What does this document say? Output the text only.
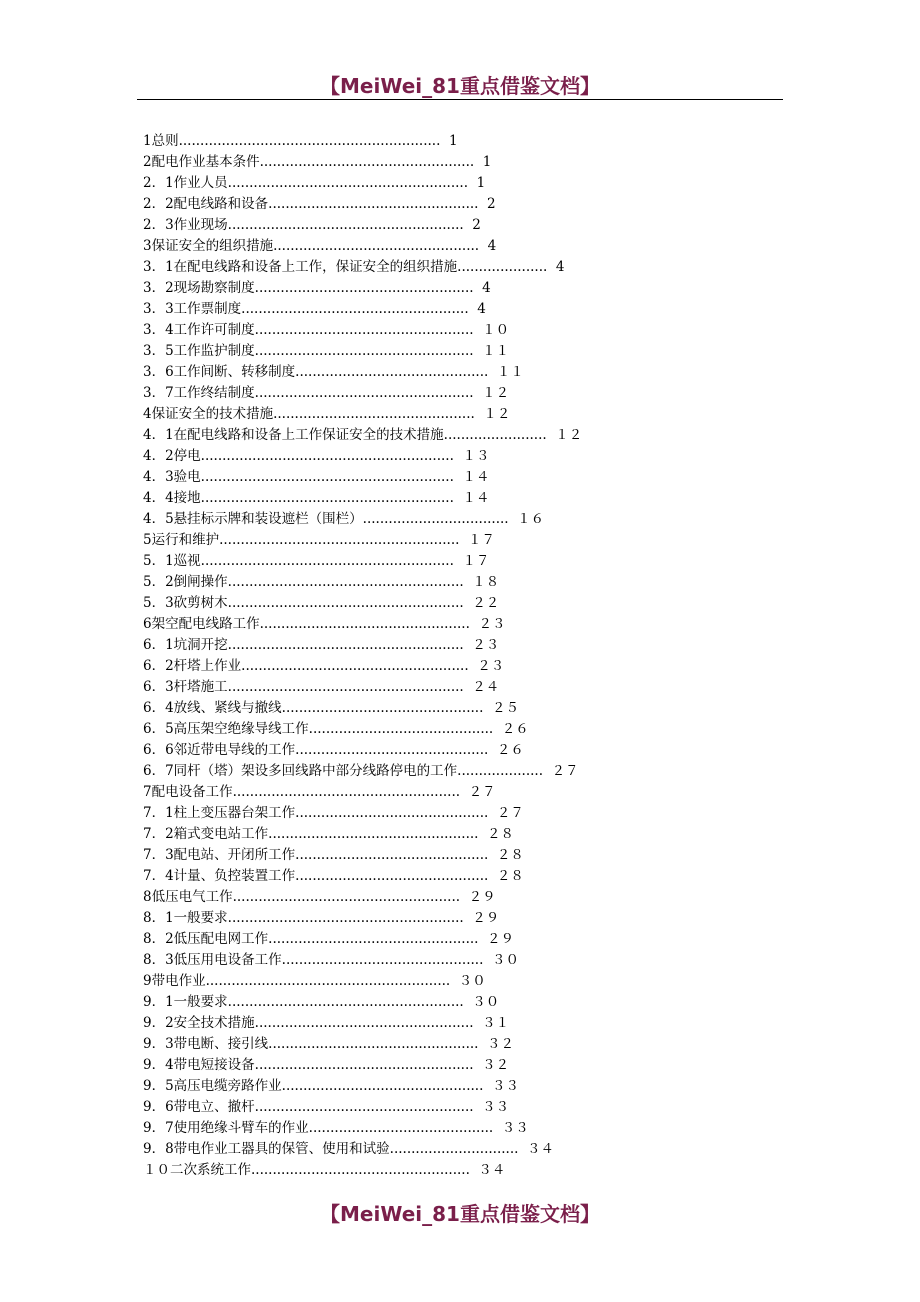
【MeiWei_81重点借鉴文档】
1总则.............................................................  1
2配电作业基本条件..................................................  1
2．1作业人员........................................................  1
2．2配电线路和设备.................................................  2
2．3作业现场.......................................................  2
3保证安全的组织措施................................................  4
3．1在配电线路和设备上工作，保证安全的组织措施.....................  4
3．2现场勘察制度...................................................  4
3．3工作票制度.....................................................  4
3．4工作许可制度...................................................  １０
3．5工作监护制度...................................................  １１
3．6工作间断、转移制度.............................................  １１
3．7工作终结制度...................................................  １２
4保证安全的技术措施...............................................  １２
4．1在配电线路和设备上工作保证安全的技术措施........................  １２
4．2停电...........................................................  １３
4．3验电...........................................................  １４
4．4接地...........................................................  １４
4．5悬挂标示牌和装设遮栏（围栏）..................................  １６
5运行和维护........................................................  １７
5．1巡视...........................................................  １７
5．2倒闸操作.......................................................  １８
5．3砍剪树木.......................................................  ２２
6架空配电线路工作.................................................  ２３
6．1坑洞开挖.......................................................  ２３
6．2杆塔上作业.....................................................  ２３
6．3杆塔施工.......................................................  ２４
6．4放线、紧线与撤线...............................................  ２５
6．5高压架空绝缘导线工作...........................................  ２６
6．6邻近带电导线的工作.............................................  ２６
6．7同杆（塔）架设多回线路中部分线路停电的工作....................  ２７
7配电设备工作.....................................................  ２７
7．1柱上变压器台架工作.............................................  ２７
7．2箱式变电站工作.................................................  ２８
7．3配电站、开闭所工作.............................................  ２８
7．4计量、负控装置工作.............................................  ２８
8低压电气工作.....................................................  ２９
8．1一般要求.......................................................  ２９
8．2低压配电网工作.................................................  ２９
8．3低压用电设备工作...............................................  ３０
9带电作业.........................................................  ３０
9．1一般要求.......................................................  ３０
9．2安全技术措施...................................................  ３１
9．3带电断、接引线.................................................  ３２
9．4带电短接设备...................................................  ３２
9．5高压电缆旁路作业...............................................  ３３
9．6带电立、撤杆...................................................  ３３
9．7使用绝缘斗臂车的作业...........................................  ３３
9．8带电作业工器具的保管、使用和试验..............................  ３４
１０二次系统工作...................................................  ３４
【MeiWei_81重点借鉴文档】
